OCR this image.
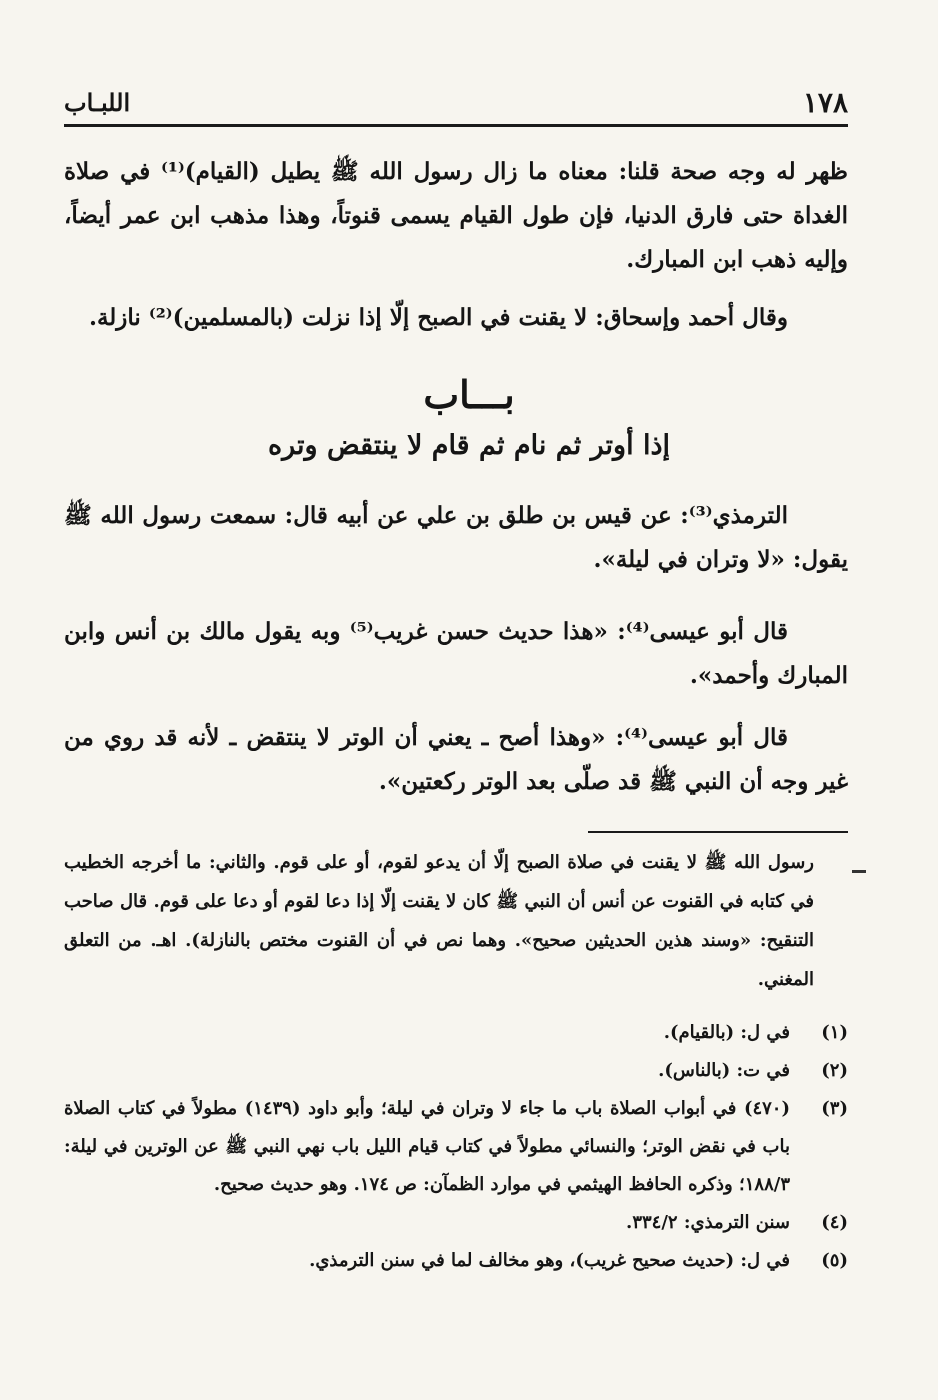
١٧٨
اللبـاب
ظهر له وجه صحة قلنا: معناه ما زال رسول الله ﷺ يطيل (القيام)⁽¹⁾ في صلاة الغداة حتى فارق الدنيا، فإن طول القيام يسمى قنوتاً، وهذا مذهب ابن عمر أيضاً، وإليه ذهب ابن المبارك.
وقال أحمد وإسحاق: لا يقنت في الصبح إلّا إذا نزلت (بالمسلمين)⁽²⁾ نازلة.
بـــاب
إذا أوتر ثم نام ثم قام لا ينتقض وتره
الترمذي⁽³⁾: عن قيس بن طلق بن علي عن أبيه قال: سمعت رسول الله ﷺ يقول: «لا وتران في ليلة».
قال أبو عيسى⁽⁴⁾: «هذا حديث حسن غريب⁽⁵⁾ وبه يقول مالك بن أنس وابن المبارك وأحمد».
قال أبو عيسى⁽⁴⁾: «وهذا أصح ـ يعني أن الوتر لا ينتقض ـ لأنه قد روي من غير وجه أن النبي ﷺ قد صلّى بعد الوتر ركعتين».
رسول الله ﷺ لا يقنت في صلاة الصبح إلّا أن يدعو لقوم، أو على قوم. والثاني: ما أخرجه الخطيب في كتابه في القنوت عن أنس أن النبي ﷺ كان لا يقنت إلّا إذا دعا لقوم أو دعا على قوم. قال صاحب التنقيح: «وسند هذين الحديثين صحيح». وهما نص في أن القنوت مختص بالنازلة). اهـ. من التعلق المغني.
(١)
في ل: (بالقيام).
(٢)
في ت: (بالناس).
(٣)
(٤٧٠) في أبواب الصلاة باب ما جاء لا وتران في ليلة؛ وأبو داود (١٤٣٩) مطولاً في كتاب الصلاة باب في نقض الوتر؛ والنسائي مطولاً في كتاب قيام الليل باب نهي النبي ﷺ عن الوترين في ليلة: ١٨٨/٣؛ وذكره الحافظ الهيثمي في موارد الظمآن: ص ١٧٤. وهو حديث صحيح.
(٤)
سنن الترمذي: ٣٣٤/٢.
(٥)
في ل: (حديث صحيح غريب)، وهو مخالف لما في سنن الترمذي.
